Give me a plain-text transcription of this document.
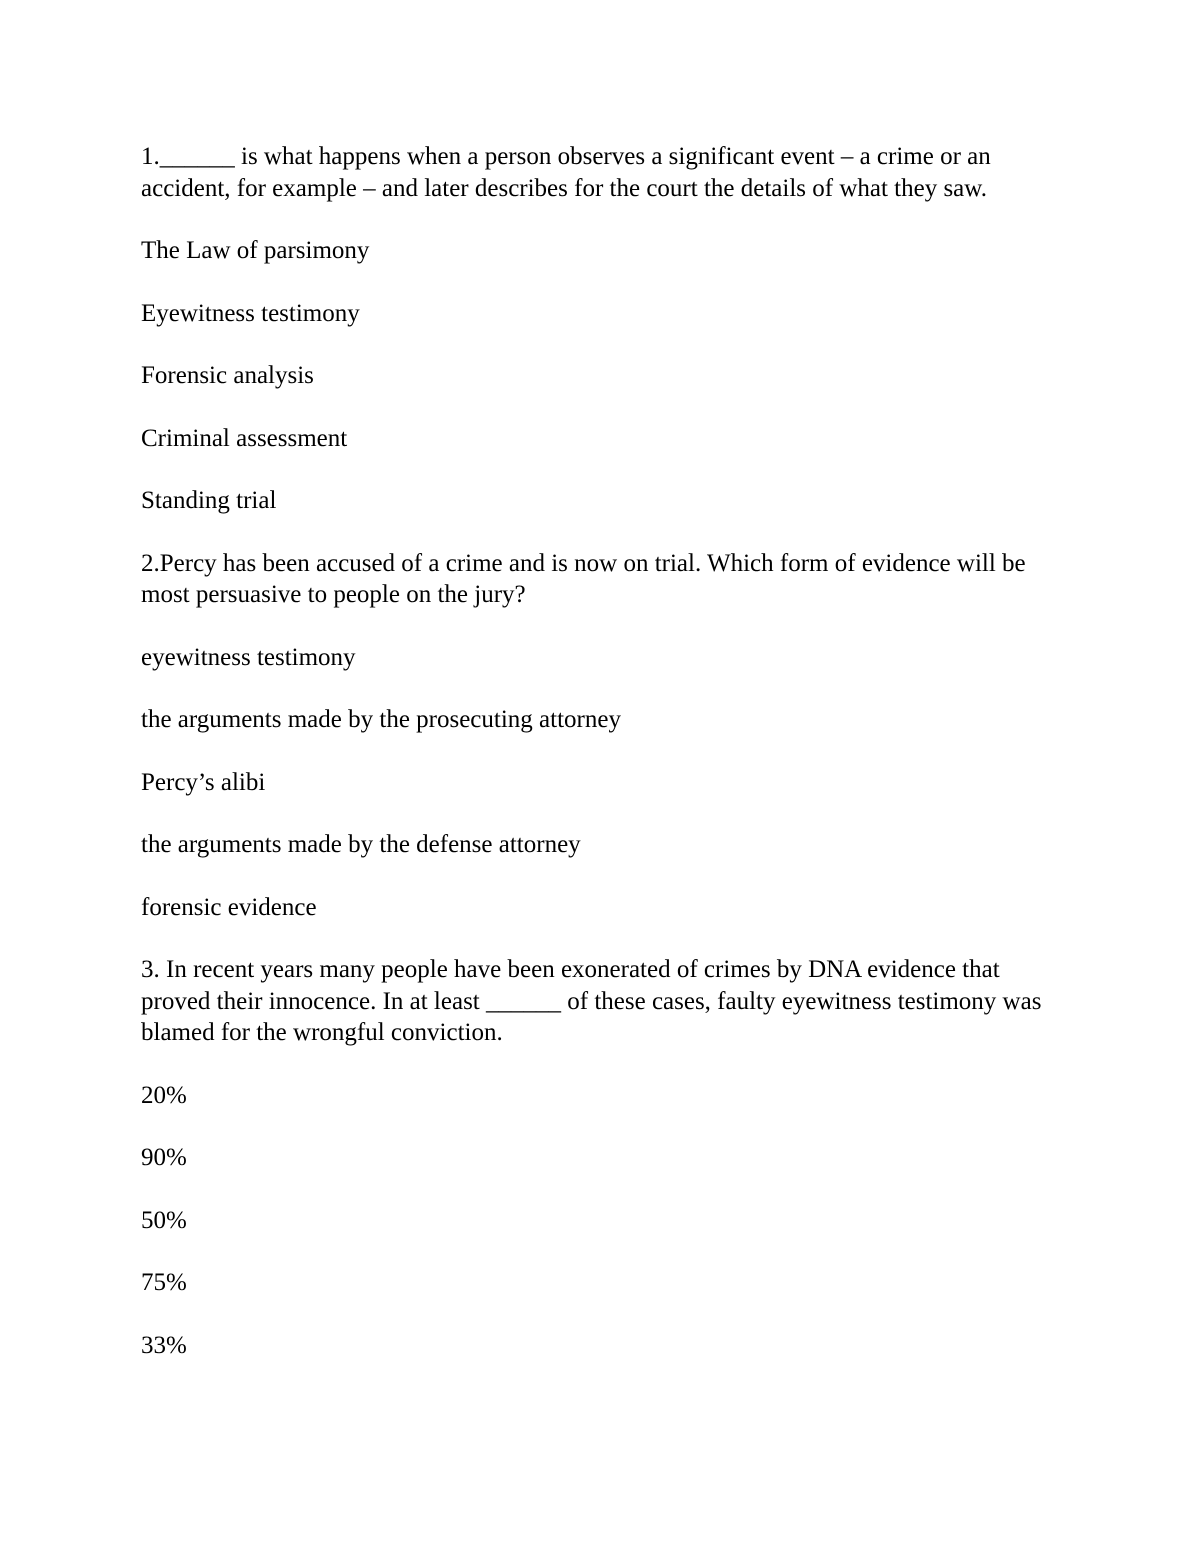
1.______ is what happens when a person observes a significant event – a crime or an accident, for example – and later describes for the court the details of what they saw.

The Law of parsimony
Eyewitness testimony
Forensic analysis
Criminal assessment
Standing trial

2.Percy has been accused of a crime and is now on trial. Which form of evidence will be most persuasive to people on the jury?

eyewitness testimony
the arguments made by the prosecuting attorney
Percy’s alibi
the arguments made by the defense attorney
forensic evidence

3. In recent years many people have been exonerated of crimes by DNA evidence that proved their innocence. In at least ______ of these cases, faulty eyewitness testimony was blamed for the wrongful conviction.

20%
90%
50%
75%
33%
